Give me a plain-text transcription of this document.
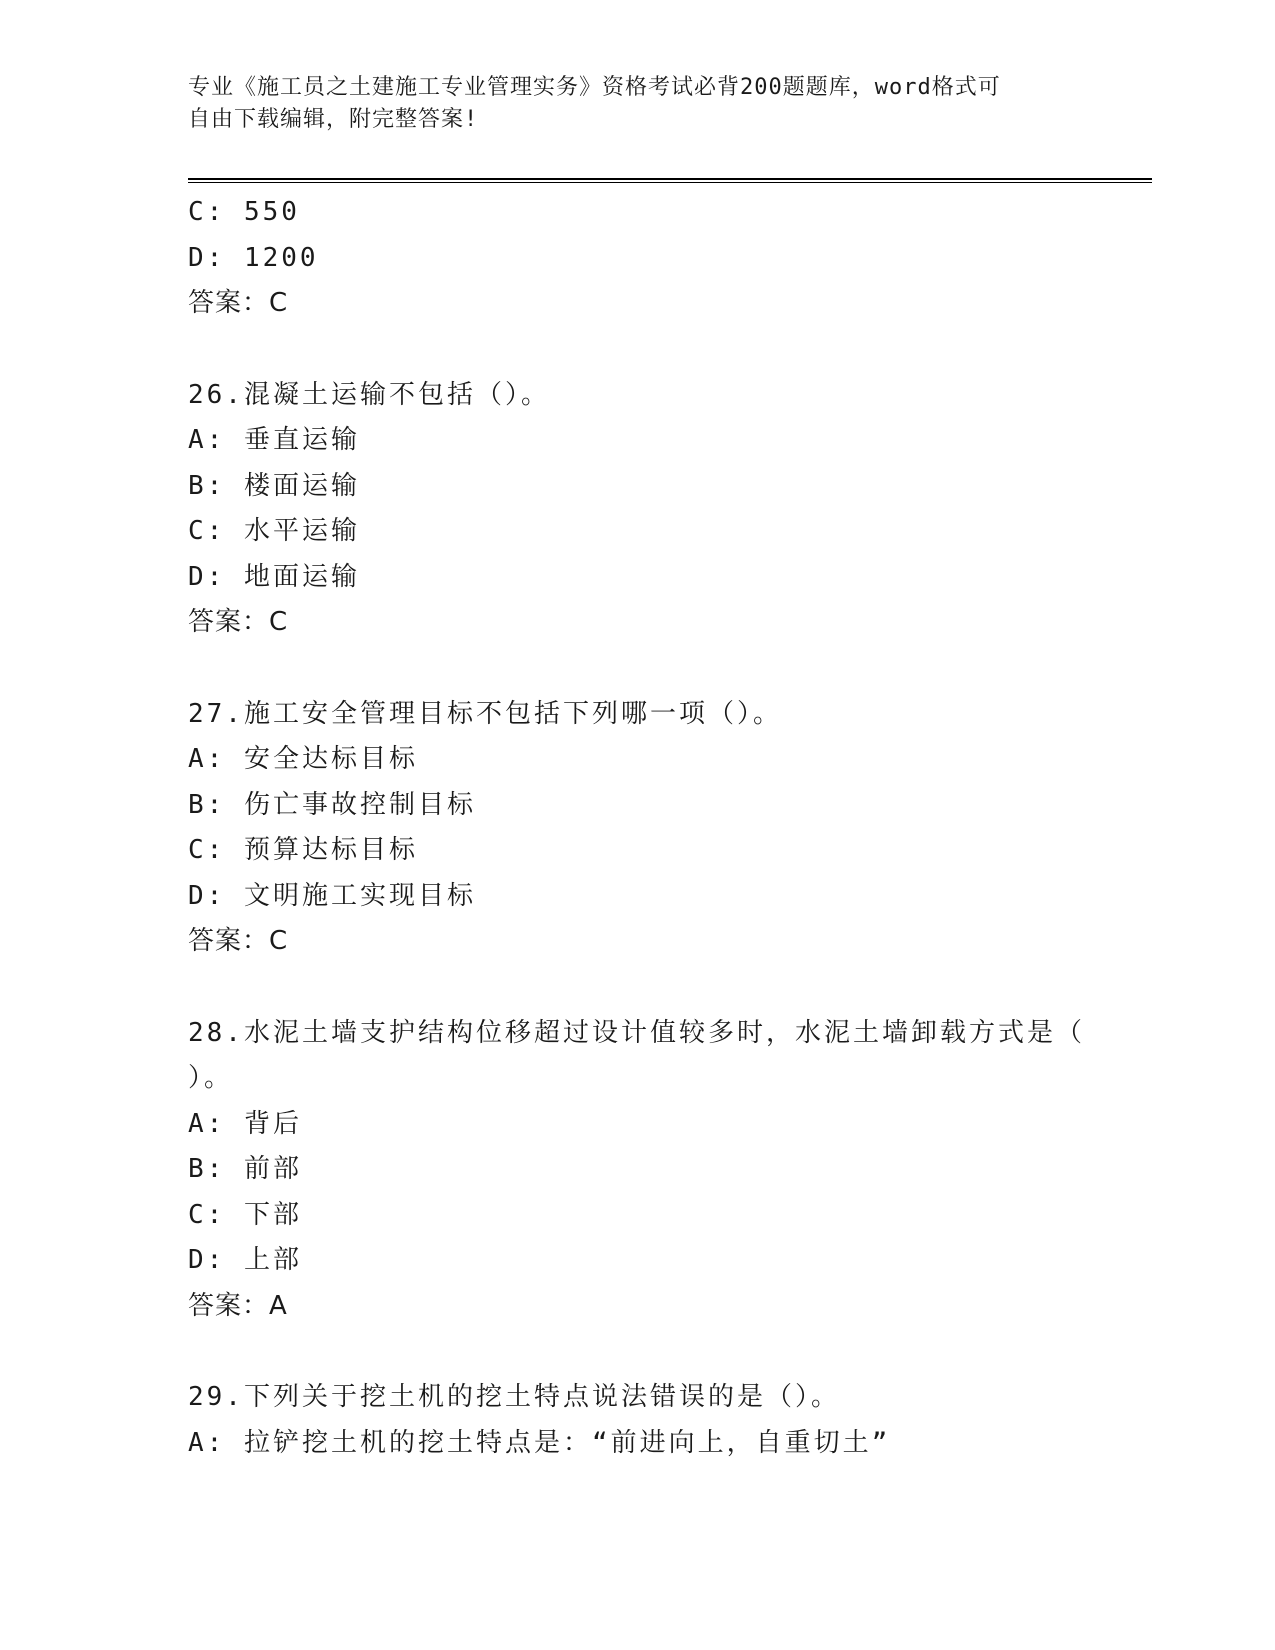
专业《施工员之土建施工专业管理实务》资格考试必背200题题库，word格式可
自由下载编辑，附完整答案!
C: 550
D: 1200
答案：C
26.混凝土运输不包括（）。
A: 垂直运输
B: 楼面运输
C: 水平运输
D: 地面运输
答案：C
27.施工安全管理目标不包括下列哪一项（）。
A: 安全达标目标
B: 伤亡事故控制目标
C: 预算达标目标
D: 文明施工实现目标
答案：C
28.水泥土墙支护结构位移超过设计值较多时，水泥土墙卸载方式是（
）。
A: 背后
B: 前部
C: 下部
D: 上部
答案：A
29.下列关于挖土机的挖土特点说法错误的是（）。
A: 拉铲挖土机的挖土特点是：“前进向上，自重切土”
